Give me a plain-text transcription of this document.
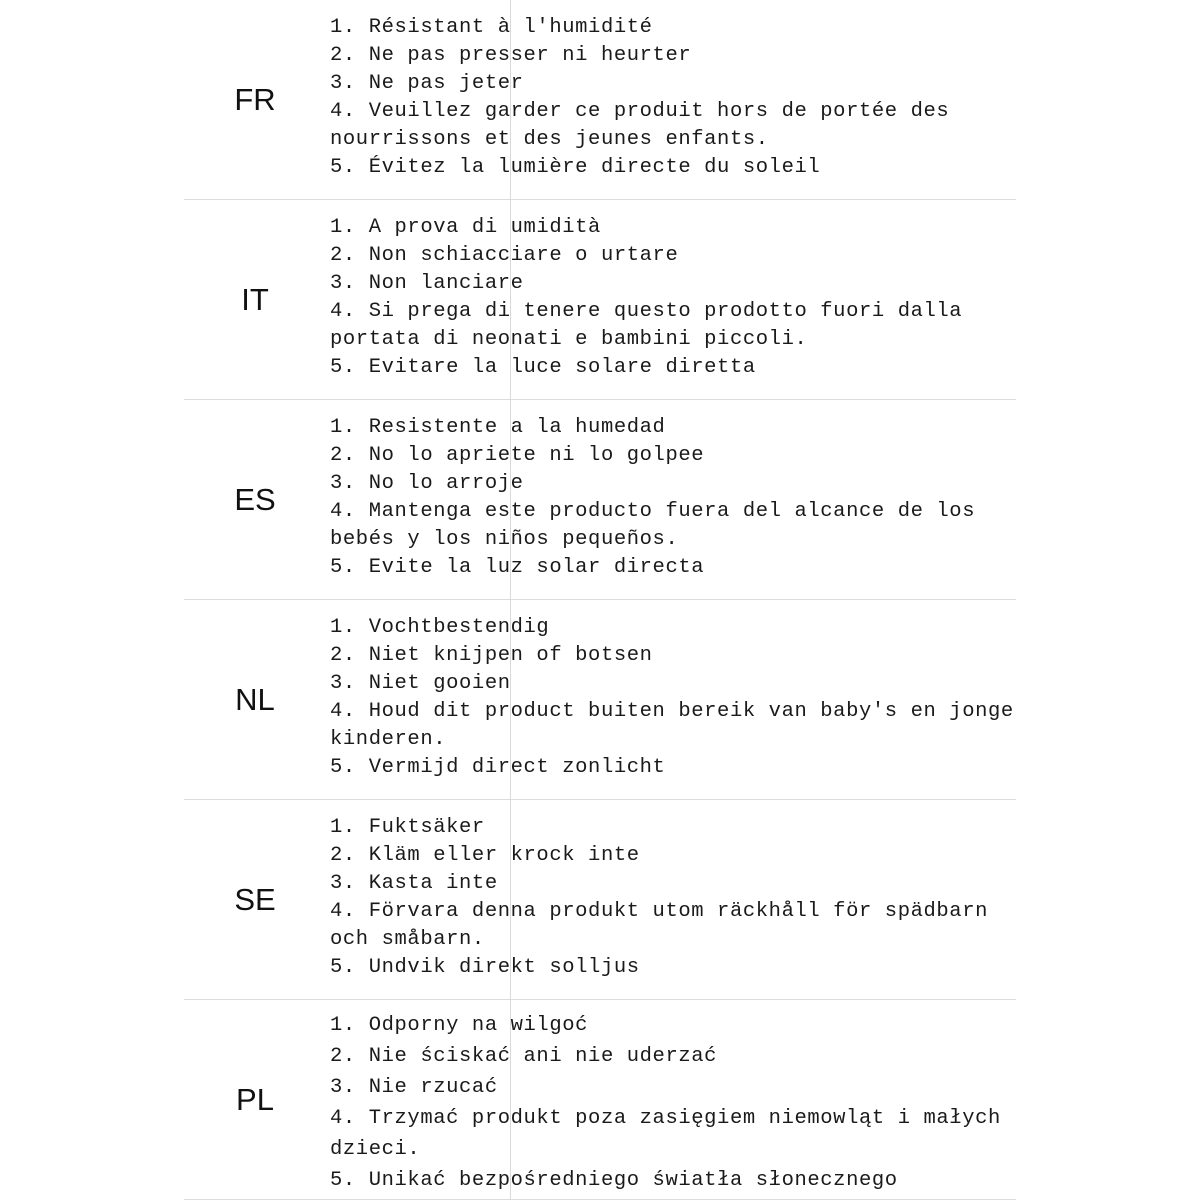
FR
1. Résistant à l'humidité
2. Ne pas presser ni heurter
3. Ne pas jeter
4. Veuillez garder ce produit hors de portée des nourrissons et des jeunes enfants.
5. Évitez la lumière directe du soleil
IT
1. A prova di umidità
2. Non schiacciare o urtare
3. Non lanciare
4. Si prega di tenere questo prodotto fuori dalla portata di neonati e bambini piccoli.
5. Evitare la luce solare diretta
ES
1. Resistente a la humedad
2. No lo apriete ni lo golpee
3. No lo arroje
4. Mantenga este producto fuera del alcance de los bebés y los niños pequeños.
5. Evite la luz solar directa
NL
1. Vochtbestendig
2. Niet knijpen of botsen
3. Niet gooien
4. Houd dit product buiten bereik van baby's en jonge kinderen.
5. Vermijd direct zonlicht
SE
1. Fuktsäker
2. Kläm eller krock inte
3. Kasta inte
4. Förvara denna produkt utom räckhåll för spädbarn och småbarn.
5. Undvik direkt solljus
PL
1. Odporny na wilgoć
2. Nie ściskać ani nie uderzać
3. Nie rzucać
4. Trzymać produkt poza zasięgiem niemowląt i małych dzieci.
5. Unikać bezpośredniego światła słonecznego
